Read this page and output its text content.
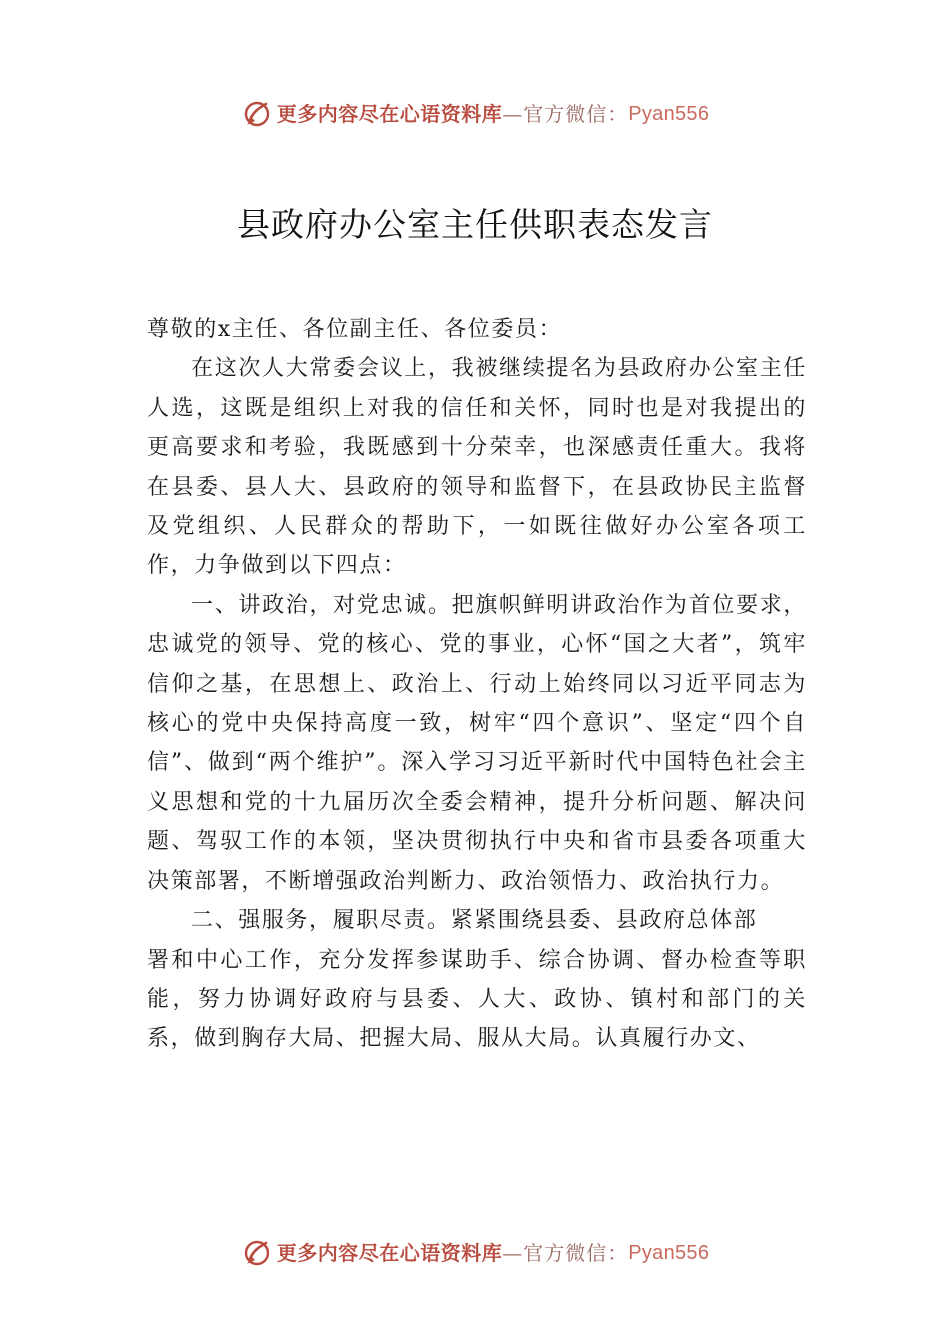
更多内容尽在心语资料库 — 官方微信： Pyan556
县政府办公室主任供职表态发言

尊敬的x主任、各位副主任、各位委员：

在这次人大常委会议上，我被继续提名为县政府办公室主任人选，这既是组织上对我的信任和关怀，同时也是对我提出的更高要求和考验，我既感到十分荣幸，也深感责任重大。我将在县委、县人大、县政府的领导和监督下，在县政协民主监督及党组织、人民群众的帮助下，一如既往做好办公室各项工作，力争做到以下四点：

一、讲政治，对党忠诚。把旗帜鲜明讲政治作为首位要求，忠诚党的领导、党的核心、党的事业，心怀“国之大者”，筑牢信仰之基，在思想上、政治上、行动上始终同以习近平同志为核心的党中央保持高度一致，树牢“四个意识”、坚定“四个自信”、做到“两个维护”。深入学习习近平新时代中国特色社会主义思想和党的十九届历次全委会精神，提升分析问题、解决问题、驾驭工作的本领，坚决贯彻执行中央和省市县委各项重大决策部署，不断增强政治判断力、政治领悟力、政治执行力。

二、强服务，履职尽责。紧紧围绕县委、县政府总体部

署和中心工作，充分发挥参谋助手、综合协调、督办检查等职能，努力协调好政府与县委、人大、政协、镇村和部门的关系，做到胸存大局、把握大局、服从大局。认真履行办文、

更多内容尽在心语资料库 — 官方微信： Pyan556
